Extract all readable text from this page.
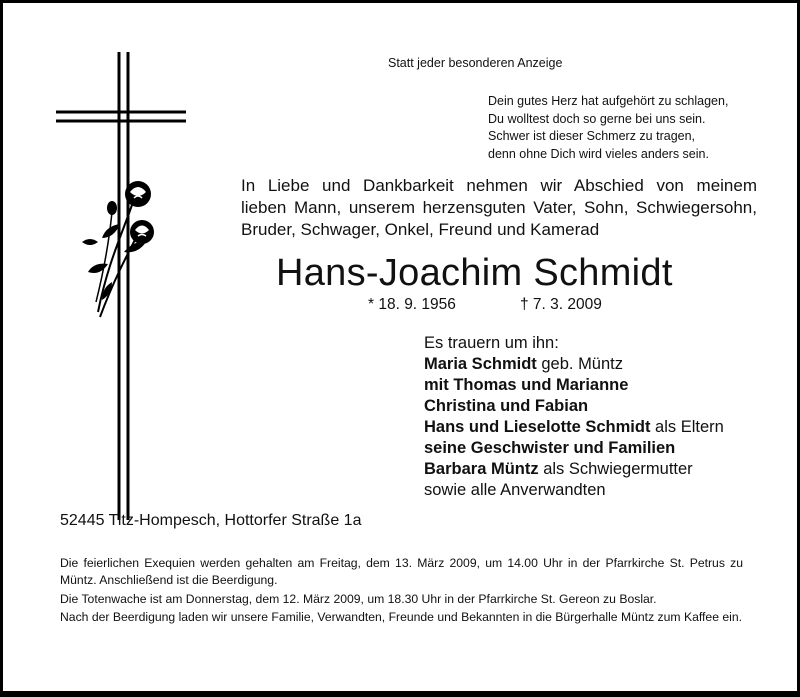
Statt jeder besonderen Anzeige
Dein gutes Herz hat aufgehört zu schlagen,
Du wolltest doch so gerne bei uns sein.
Schwer ist dieser Schmerz zu tragen,
denn ohne Dich wird vieles anders sein.
In Liebe und Dankbarkeit nehmen wir Abschied von meinem
lieben Mann, unserem herzensguten Vater, Sohn, Schwiegersohn,
Bruder, Schwager, Onkel, Freund und Kamerad
Hans-Joachim Schmidt
* 18. 9. 1956	† 7. 3. 2009
Es trauern um ihn:
Maria Schmidt geb. Müntz
mit Thomas und Marianne
Christina und Fabian
Hans und Lieselotte Schmidt als Eltern
seine Geschwister und Familien
Barbara Müntz als Schwiegermutter
sowie alle Anverwandten
52445 Titz-Hompesch, Hottorfer Straße 1a

Die feierlichen Exequien werden gehalten am Freitag, dem 13. März 2009, um 14.00 Uhr in der Pfarrkirche St. Petrus zu Müntz. Anschließend ist die Beerdigung.

Die Totenwache ist am Donnerstag, dem 12. März 2009, um 18.30 Uhr in der Pfarrkirche St. Gereon zu Boslar.

Nach der Beerdigung laden wir unsere Familie, Verwandten, Freunde und Bekannten in die Bürgerhalle Müntz zum Kaffee ein.
